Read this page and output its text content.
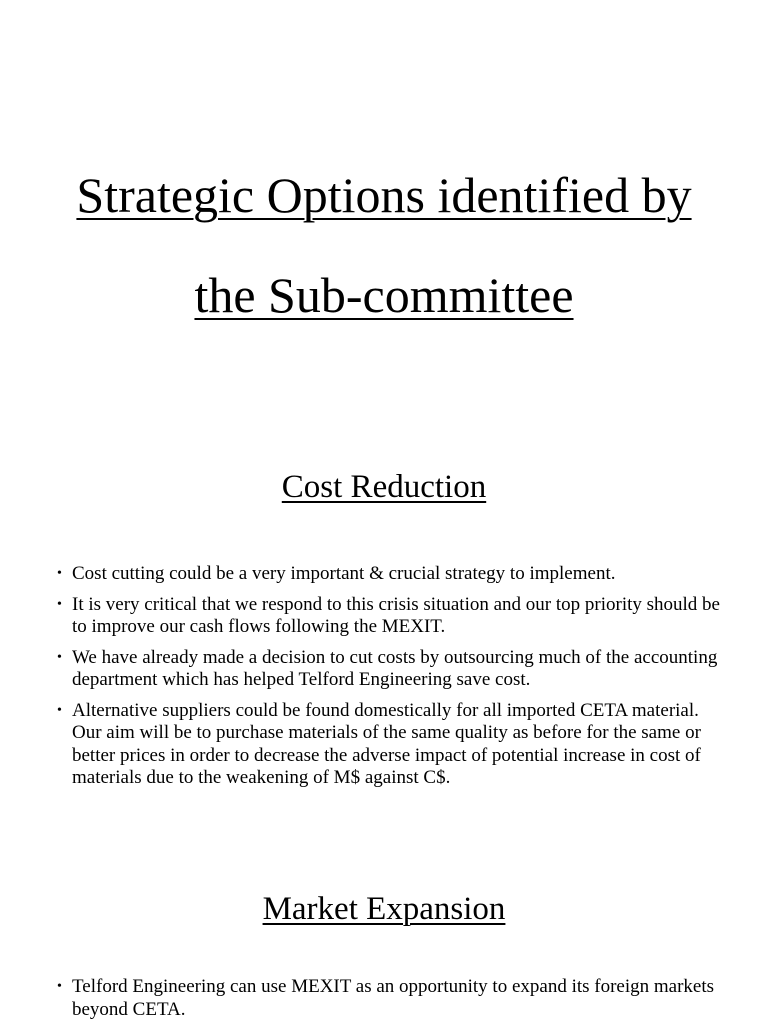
Strategic Options identified by
the Sub-committee
Cost Reduction
• Cost cutting could be a very important & crucial strategy to implement.
• It is very critical that we respond to this crisis situation and our top priority should be to improve our cash flows following the MEXIT.
• We have already made a decision to cut costs by outsourcing much of the accounting department which has helped Telford Engineering save cost.
• Alternative suppliers could be found domestically for all imported CETA material. Our aim will be to purchase materials of the same quality as before for the same or better prices in order to decrease the adverse impact of potential increase in cost of materials due to the weakening of M$ against C$.
Market Expansion
• Telford Engineering can use MEXIT as an opportunity to expand its foreign markets beyond CETA.
